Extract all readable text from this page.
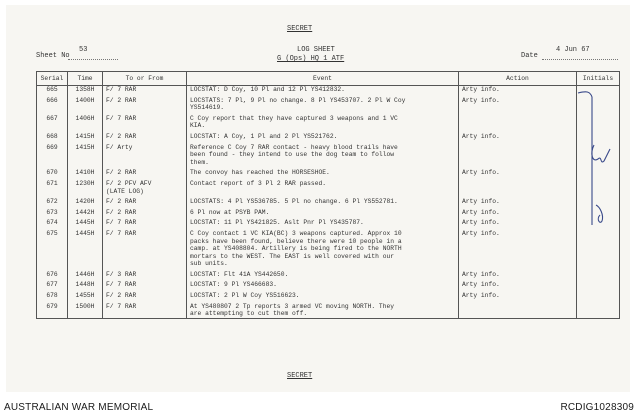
SECRET
Sheet No
53	LOG SHEET
G (Ops) HQ 1 ATF	Date
4 Jun 67
Serial	Time	To or From	Event	Action	Initials
665	1358H	F/ 7 RAR	LOCSTAT: D Coy, 10 Pl and 12 Pl YS412832.	Arty info.	

666	1400H	F/ 2 RAR	LOCSTATS: 7 Pl, 9 Pl no change. 8 Pl YS453707. 2 Pl W Coy
YS514619.	Arty info.	

667	1406H	F/ 7 RAR	C Coy report that they have captured 3 weapons and 1 VC
KIA.		

668	1415H	F/ 2 RAR	LOCSTAT: A Coy, 1 Pl and 2 Pl YS521762.	Arty info.	

669	1415H	F/ Arty	Reference C Coy 7 RAR contact - heavy blood trails have
been found - they intend to use the dog team to follow
them.		

670	1410H	F/ 2 RAR	The convoy has reached the HORSESHOE.	Arty info.	

671	1230H	F/ 2 PFV AFV
(LATE LOG)	Contact report of 3 Pl 2 RAR passed.		

672	1420H	F/ 2 RAR	LOCSTATS: 4 Pl YS536785. 5 Pl no change. 6 Pl YS552781.	Arty info.	

673	1442H	F/ 2 RAR	6 Pl now at PSYB PAM.	Arty info.	

674	1445H	F/ 7 RAR	LOCSTAT: 11 Pl YS421825. Aslt Pnr Pl YS435787.	Arty info.	

675	1445H	F/ 7 RAR	C Coy contact 1 VC KIA(BC) 3 weapons captured. Approx 10
packs have been found, believe there were 10 people in a
camp. at YS408804. Artillery is being fired to the NORTH
mortars to the WEST. The EAST is well covered with our
sub units.	Arty info.	

676	1446H	F/ 3 RAR	LOCSTAT: Flt 41A YS442650.	Arty info.	

677	1448H	F/ 7 RAR	LOCSTAT: 9 Pl YS466683.	Arty info.	

678	1455H	F/ 2 RAR	LOCSTAT: 2 Pl W Coy YS516623.	Arty info.	

679	1500H	F/ 7 RAR	At YS480807 2 Tp reports 3 armed VC moving NORTH. They
are attempting to cut them off.		

SECRET
AUSTRALIAN WAR MEMORIAL	RCDIG1028309
